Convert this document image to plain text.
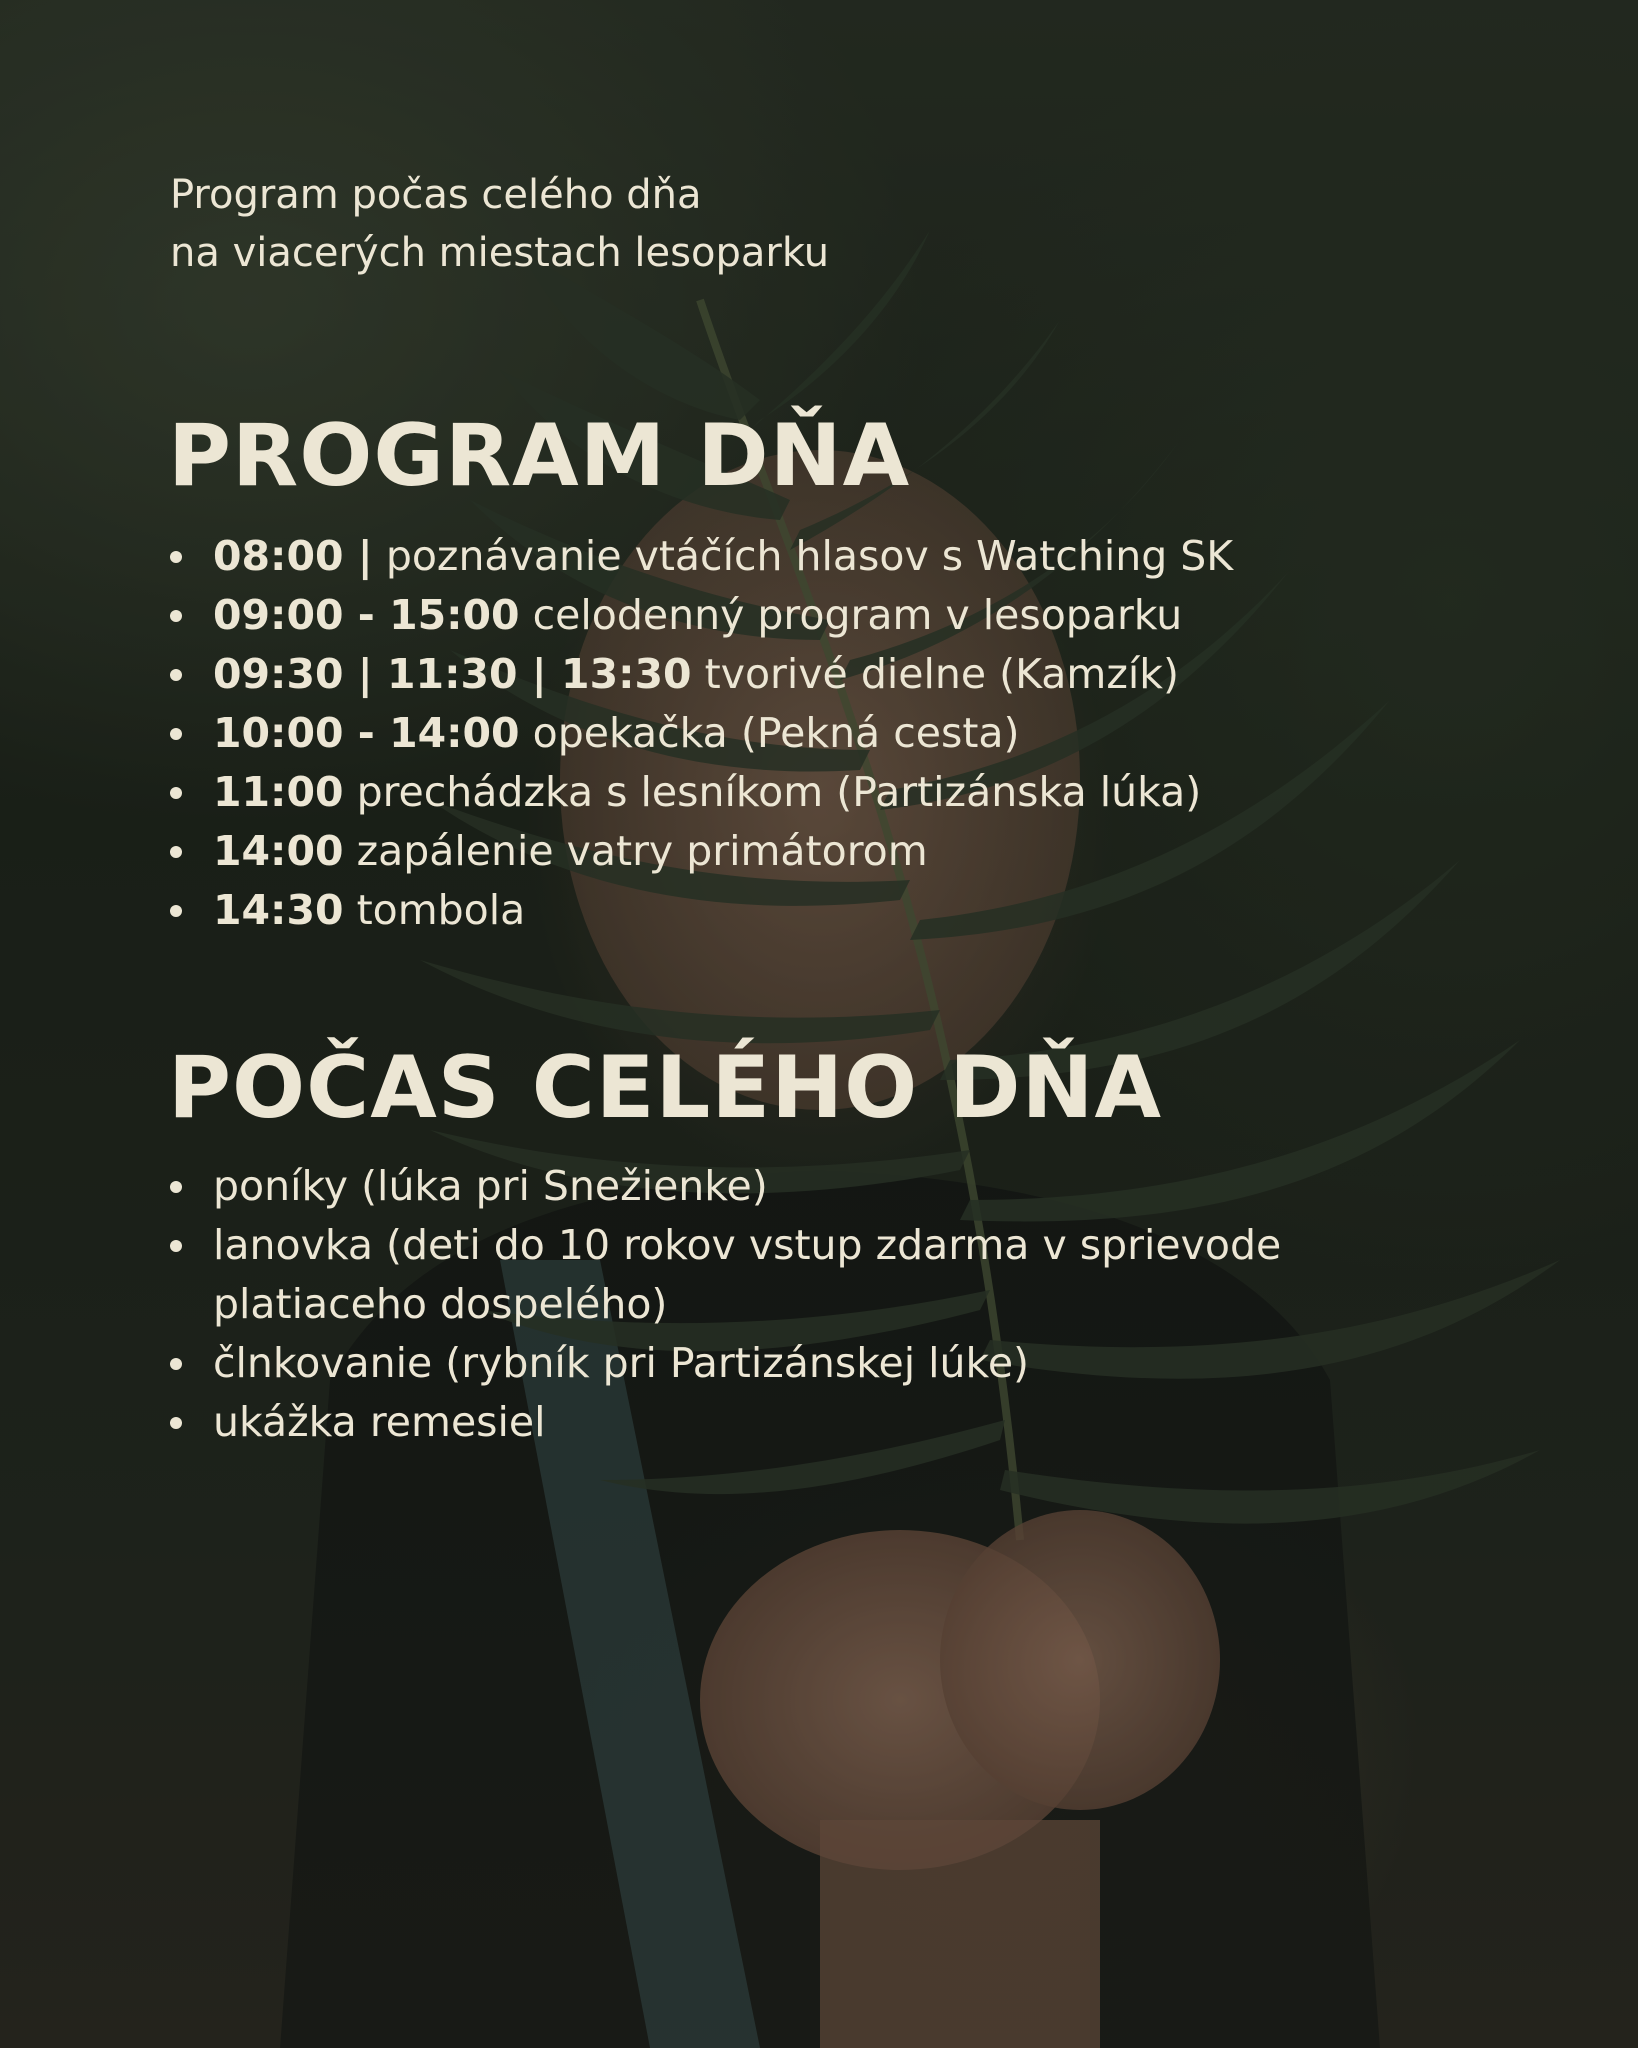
Program počas celého dňa
na viacerých miestach lesoparku
PROGRAM DŇA
08:00 | poznávanie vtáčích hlasov s Watching SK
09:00 - 15:00 celodenný program v lesoparku
09:30 | 11:30 | 13:30 tvorivé dielne (Kamzík)
10:00 - 14:00 opekačka (Pekná cesta)
11:00 prechádzka s lesníkom (Partizánska lúka)
14:00 zapálenie vatry primátorom
14:30 tombola
POČAS CELÉHO DŇA
poníky (lúka pri Snežienke)
lanovka (deti do 10 rokov vstup zdarma v sprievode platiaceho dospelého)
člnkovanie (rybník pri Partizánskej lúke)
ukážka remesiel
